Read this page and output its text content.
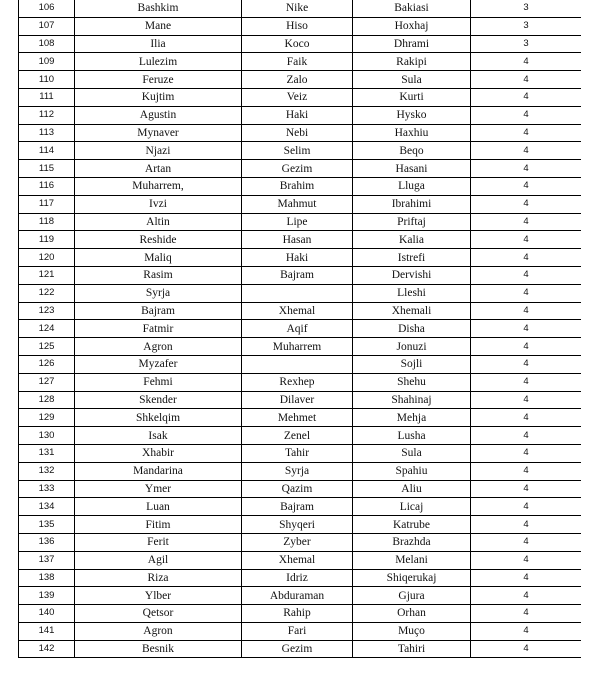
106	Bashkim	Nike	Bakiasi	3
107	Mane	Hiso	Hoxhaj	3
108	Ilia	Koco	Dhrami	3
109	Lulezim	Faik	Rakipi	4
110	Feruze	Zalo	Sula	4
111	Kujtim	Veiz	Kurti	4
112	Agustin	Haki	Hysko	4
113	Mynaver	Nebi	Haxhiu	4
114	Njazi	Selim	Beqo	4
115	Artan	Gezim	Hasani	4
116	Muharrem,	Brahim	Lluga	4
117	Ivzi	Mahmut	Ibrahimi	4
118	Altin	Lipe	Priftaj	4
119	Reshide	Hasan	Kalia	4
120	Maliq	Haki	Istrefi	4
121	Rasim	Bajram	Dervishi	4
122	Syrja		Lleshi	4
123	Bajram	Xhemal	Xhemali	4
124	Fatmir	Aqif	Disha	4
125	Agron	Muharrem	Jonuzi	4
126	Myzafer		Sojli	4
127	Fehmi	Rexhep	Shehu	4
128	Skender	Dilaver	Shahinaj	4
129	Shkelqim	Mehmet	Mehja	4
130	Isak	Zenel	Lusha	4
131	Xhabir	Tahir	Sula	4
132	Mandarina	Syrja	Spahiu	4
133	Ymer	Qazim	Aliu	4
134	Luan	Bajram	Licaj	4
135	Fitim	Shyqeri	Katrube	4
136	Ferit	Zyber	Brazhda	4
137	Agil	Xhemal	Melani	4
138	Riza	Idriz	Shiqerukaj	4
139	Ylber	Abduraman	Gjura	4
140	Qetsor	Rahip	Orhan	4
141	Agron	Fari	Muço	4
142	Besnik	Gezim	Tahiri	4
